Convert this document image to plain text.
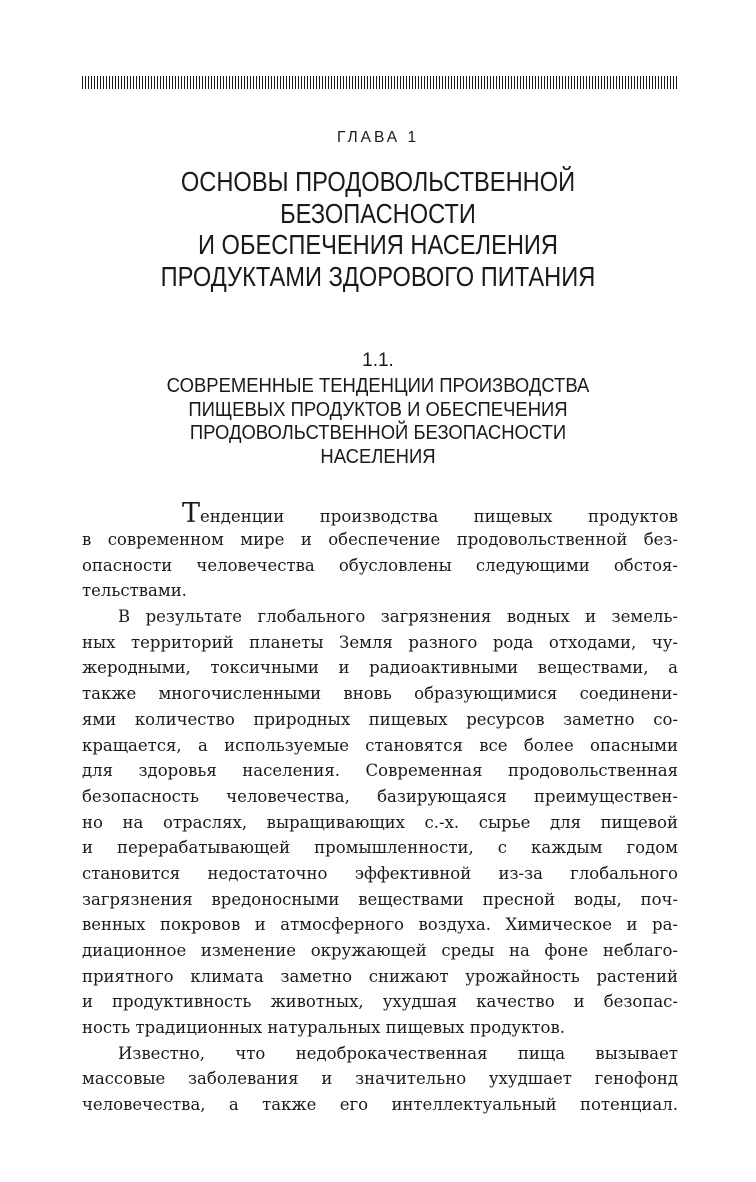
ГЛАВА 1
ОСНОВЫ ПРОДОВОЛЬСТВЕННОЙ
БЕЗОПАСНОСТИ
И ОБЕСПЕЧЕНИЯ НАСЕЛЕНИЯ
ПРОДУКТАМИ ЗДОРОВОГО ПИТАНИЯ
1.1.
СОВРЕМЕННЫЕ ТЕНДЕНЦИИ ПРОИЗВОДСТВА
ПИЩЕВЫХ ПРОДУКТОВ И ОБЕСПЕЧЕНИЯ
ПРОДОВОЛЬСТВЕННОЙ БЕЗОПАСНОСТИ
НАСЕЛЕНИЯ
Тенденции производства пищевых продуктов
в современном мире и обеспечение продовольственной без-
опасности человечества обусловлены следующими обстоя-
тельствами.
В результате глобального загрязнения водных и земель-
ных территорий планеты Земля разного рода отходами, чу-
жеродными, токсичными и радиоактивными веществами, а
также многочисленными вновь образующимися соединени-
ями количество природных пищевых ресурсов заметно со-
кращается, а используемые становятся все более опасными
для здоровья населения. Современная продовольственная
безопасность человечества, базирующаяся преимуществен-
но на отраслях, выращивающих с.-х. сырье для пищевой
и перерабатывающей промышленности, с каждым годом
становится недостаточно эффективной из-за глобального
загрязнения вредоносными веществами пресной воды, поч-
венных покровов и атмосферного воздуха. Химическое и ра-
диационное изменение окружающей среды на фоне неблаго-
приятного климата заметно снижают урожайность растений
и продуктивность животных, ухудшая качество и безопас-
ность традиционных натуральных пищевых продуктов.
Известно, что недоброкачественная пища вызывает
массовые заболевания и значительно ухудшает генофонд
человечества, а также его интеллектуальный потенциал.
